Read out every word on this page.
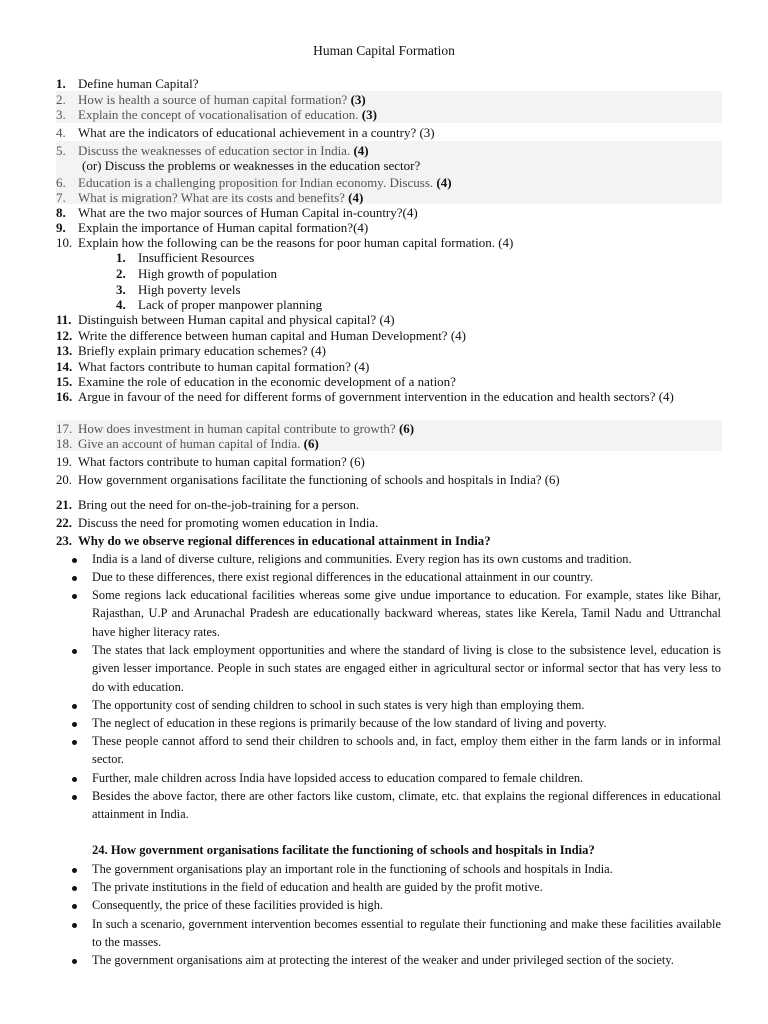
Human Capital Formation
1. Define human Capital?
2. How is health a source of human capital formation? (3)
3. Explain the concept of vocationalisation of education. (3)
4. What are the indicators of educational achievement in a country? (3)
5. Discuss the weaknesses of education sector in India. (4)
(or) Discuss the problems or weaknesses in the education sector?
6. Education is a challenging proposition for Indian economy. Discuss. (4)
7. What is migration? What are its costs and benefits? (4)
8. What are the two major sources of Human Capital in-country?(4)
9. Explain the importance of Human capital formation?(4)
10. Explain how the following can be the reasons for poor human capital formation. (4)
1. Insufficient Resources
2. High growth of population
3. High poverty levels
4. Lack of proper manpower planning
11. Distinguish between Human capital and physical capital? (4)
12. Write the difference between human capital and Human Development? (4)
13. Briefly explain primary education schemes? (4)
14. What factors contribute to human capital formation? (4)
15. Examine the role of education in the economic development of a nation?
16. Argue in favour of the need for different forms of government intervention in the education and health sectors? (4)
17. How does investment in human capital contribute to growth? (6)
18. Give an account of human capital of India. (6)
19. What factors contribute to human capital formation? (6)
20. How government organisations facilitate the functioning of schools and hospitals in India? (6)
21. Bring out the need for on-the-job-training for a person.
22. Discuss the need for promoting women education in India.
23. Why do we observe regional differences in educational attainment in India?
India is a land of diverse culture, religions and communities. Every region has its own customs and tradition.
Due to these differences, there exist regional differences in the educational attainment in our country.
Some regions lack educational facilities whereas some give undue importance to education. For example, states like Bihar, Rajasthan, U.P and Arunachal Pradesh are educationally backward whereas, states like Kerela, Tamil Nadu and Uttranchal have higher literacy rates.
The states that lack employment opportunities and where the standard of living is close to the subsistence level, education is given lesser importance. People in such states are engaged either in agricultural sector or informal sector that has very less to do with education.
The opportunity cost of sending children to school in such states is very high than employing them.
The neglect of education in these regions is primarily because of the low standard of living and poverty.
These people cannot afford to send their children to schools and, in fact, employ them either in the farm lands or in informal sector.
Further, male children across India have lopsided access to education compared to female children.
Besides the above factor, there are other factors like custom, climate, etc. that explains the regional differences in educational attainment in India.
24. How government organisations facilitate the functioning of schools and hospitals in India?
The government organisations play an important role in the functioning of schools and hospitals in India.
The private institutions in the field of education and health are guided by the profit motive.
Consequently, the price of these facilities provided is high.
In such a scenario, government intervention becomes essential to regulate their functioning and make these facilities available to the masses.
The government organisations aim at protecting the interest of the weaker and under privileged section of the society.
